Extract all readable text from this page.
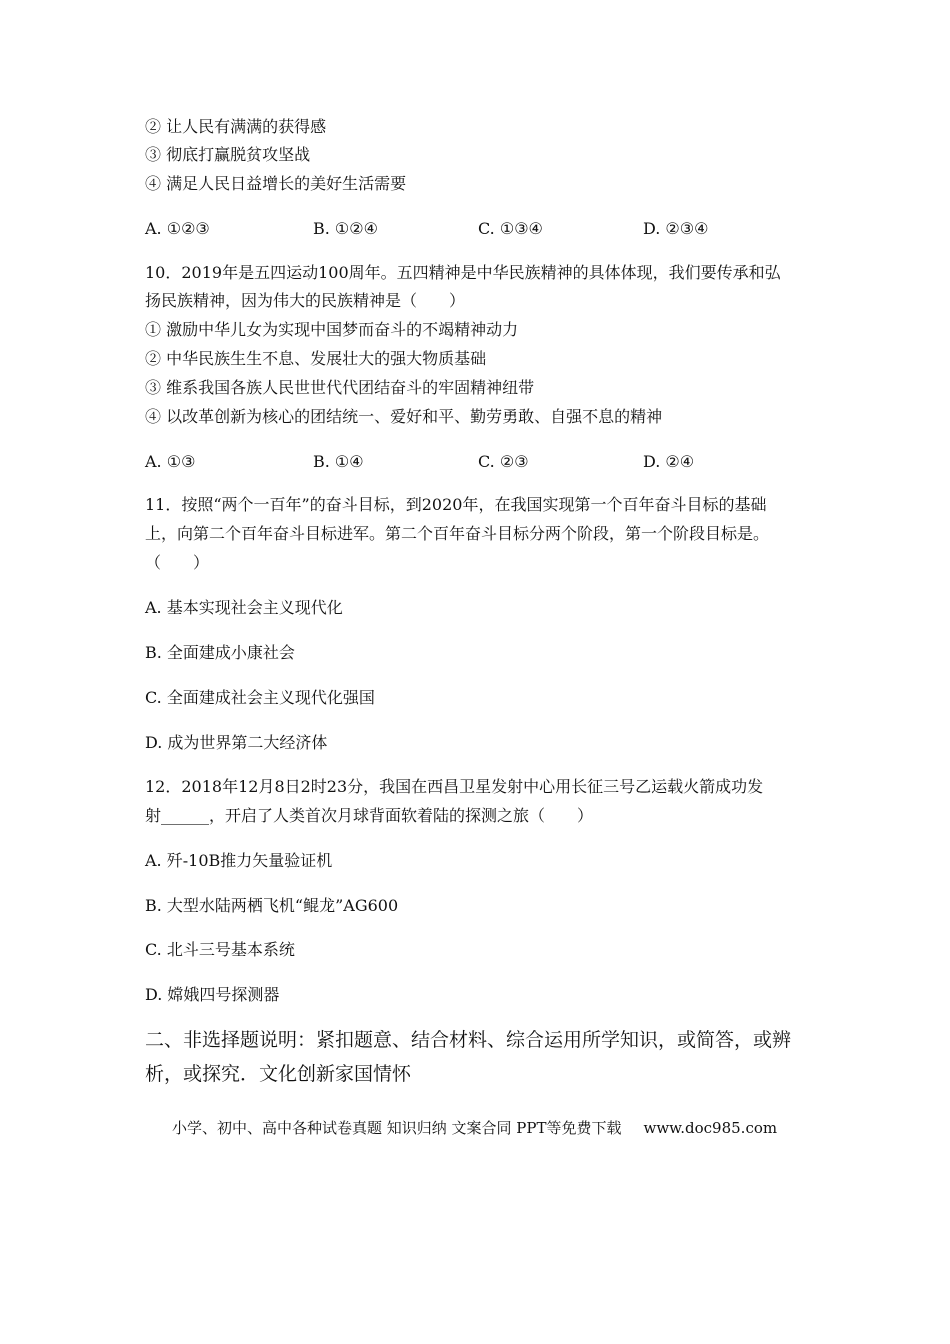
② 让人民有满满的获得感
③ 彻底打赢脱贫攻坚战
④ 满足人民日益增长的美好生活需要
A. ①②③	B. ①②④	C. ①③④	D. ②③④
10．2019年是五四运动100周年。五四精神是中华民族精神的具体体现，我们要传承和弘
扬民族精神，因为伟大的民族精神是（　　）
① 激励中华儿女为实现中国梦而奋斗的不竭精神动力
② 中华民族生生不息、发展壮大的强大物质基础
③ 维系我国各族人民世世代代团结奋斗的牢固精神纽带
④ 以改革创新为核心的团结统一、爱好和平、勤劳勇敢、自强不息的精神
A. ①③	B. ①④	C. ②③	D. ②④
11．按照“两个一百年”的奋斗目标，到2020年，在我国实现第一个百年奋斗目标的基础
上，向第二个百年奋斗目标进军。第二个百年奋斗目标分两个阶段，第一个阶段目标是。
（　　）
A. 基本实现社会主义现代化
B. 全面建成小康社会
C. 全面建成社会主义现代化强国
D. 成为世界第二大经济体
12．2018年12月8日2时23分，我国在西昌卫星发射中心用长征三号乙运载火箭成功发
射______，开启了人类首次月球背面软着陆的探测之旅（　　）
A. 歼-10B推力矢量验证机
B. 大型水陆两栖飞机“鲲龙”AG600
C. 北斗三号基本系统
D. 嫦娥四号探测器
二、非选择题说明：紧扣题意、结合材料、综合运用所学知识，或简答，或辨
析，或探究．文化创新家国情怀
小学、初中、高中各种试卷真题 知识归纳 文案合同 PPT等免费下载 www.doc985.com
